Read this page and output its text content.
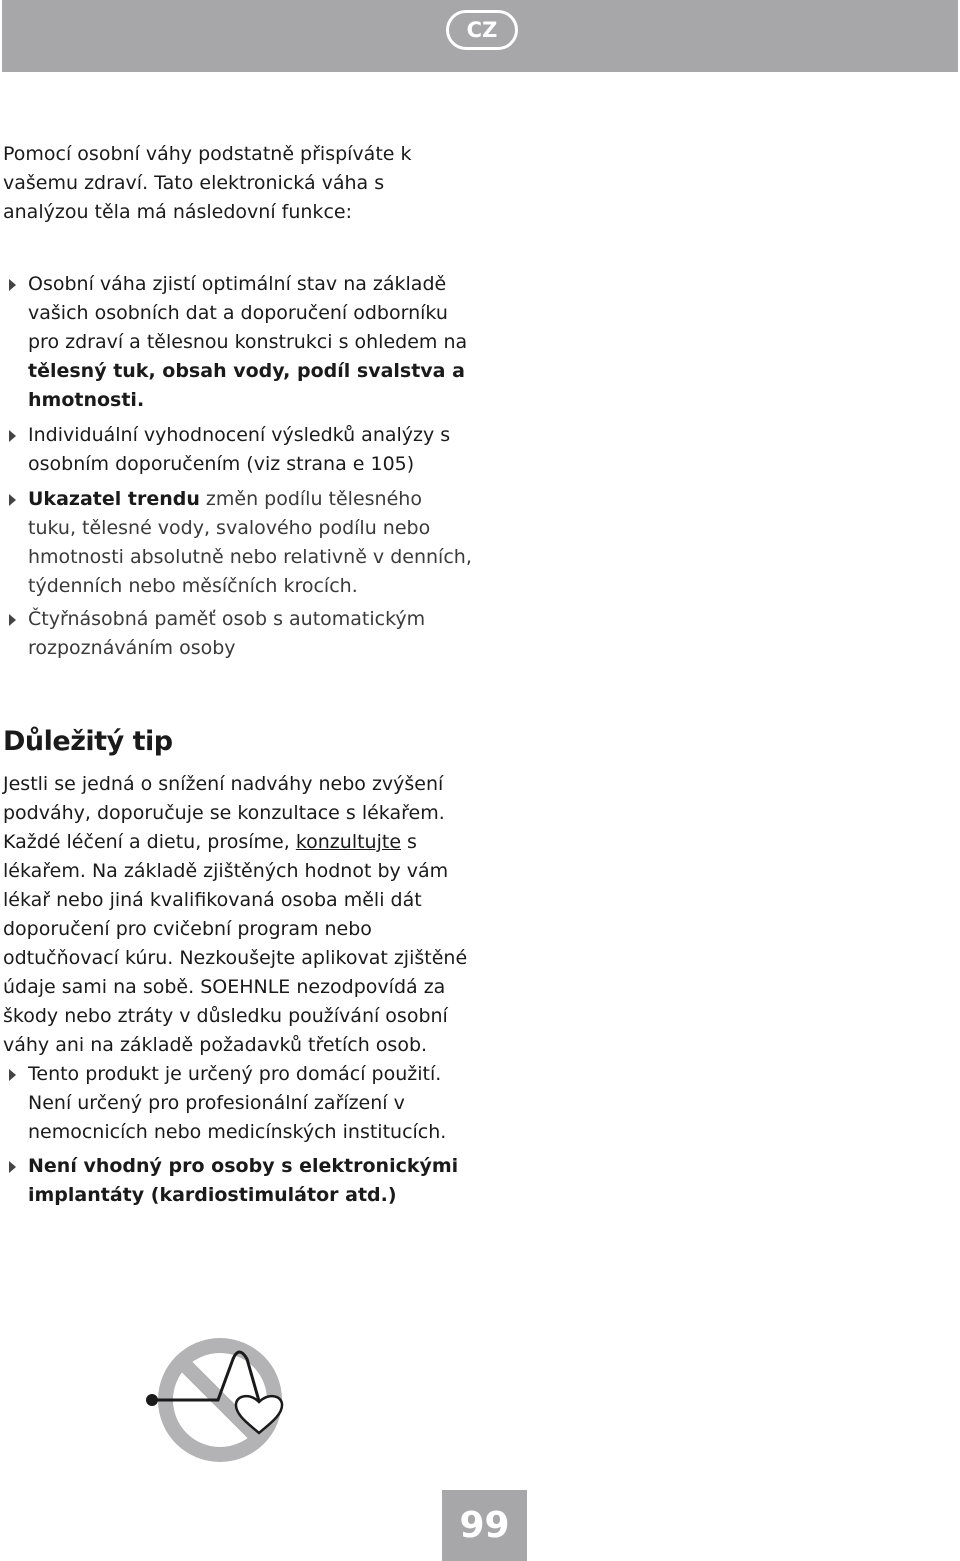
CZ

Pomocí osobní váhy podstatně přispíváte k vašemu zdraví. Tato elektronická váha s analýzou těla má následovní funkce:

Osobní váha zjistí optimální stav na základě vašich osobních dat a doporučení odborníku pro zdraví a tělesnou konstrukci s ohledem na tělesný tuk, obsah vody, podíl svalstva a hmotnosti.
Individuální vyhodnocení výsledků analýzy s osobním doporučením (viz strana e 105)
Ukazatel trendu změn podílu tělesného tuku, tělesné vody, svalového podílu nebo hmotnosti absolutně nebo relativně v denních, týdenních nebo měsíčních krocích.
Čtyřnásobná paměť osob s automatickým rozpoznáváním osoby
Důležitý tip

Jestli se jedná o snížení nadváhy nebo zvýšení podváhy, doporučuje se konzultace s lékařem. Každé léčení a dietu, prosíme, konzultujte s lékařem. Na základě zjištěných hodnot by vám lékař nebo jiná kvalifikovaná osoba měli dát doporučení pro cvičební program nebo odtučňovací kúru. Nezkoušejte aplikovat zjištěné údaje sami na sobě. SOEHNLE nezodpovídá za škody nebo ztráty v důsledku používání osobní váhy ani na základě požadavků třetích osob.

Tento produkt je určený pro domácí použití. Není určený pro profesionální zařízení v nemocnicích nebo medicínských institucích.
Není vhodný pro osoby s elektronickými implantáty (kardiostimulátor atd.)
99
